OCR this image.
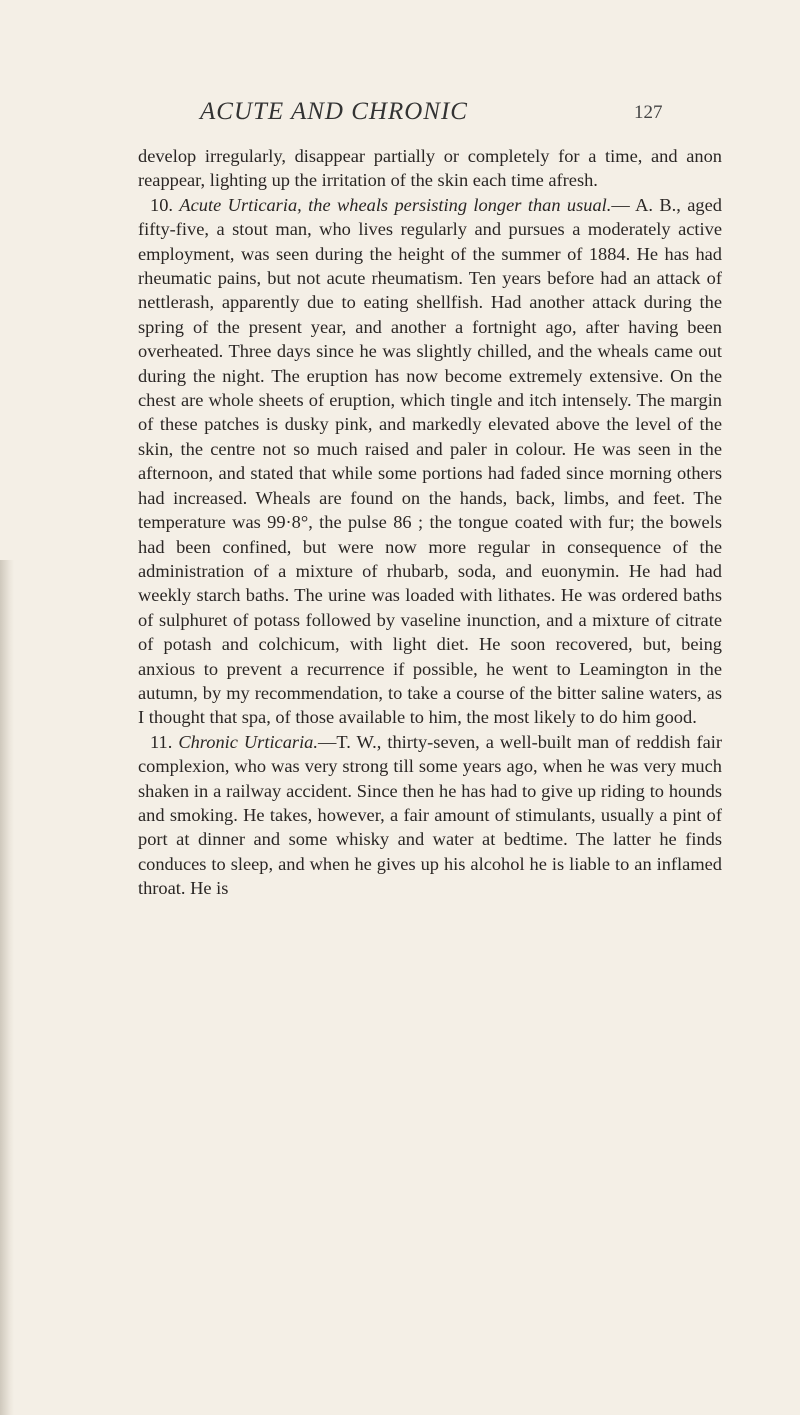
ACUTE AND CHRONIC	127

develop irregularly, disappear partially or completely for a time, and anon reappear, lighting up the irritation of the skin each time afresh.

10. Acute Urticaria, the wheals persisting longer than usual.— A. B., aged fifty-five, a stout man, who lives regularly and pursues a moderately active employment, was seen during the height of the summer of 1884. He has had rheumatic pains, but not acute rheumatism. Ten years before had an attack of nettlerash, apparently due to eating shellfish. Had another attack during the spring of the present year, and another a fortnight ago, after having been overheated. Three days since he was slightly chilled, and the wheals came out during the night. The eruption has now become extremely extensive. On the chest are whole sheets of eruption, which tingle and itch intensely. The margin of these patches is dusky pink, and markedly elevated above the level of the skin, the centre not so much raised and paler in colour. He was seen in the afternoon, and stated that while some portions had faded since morning others had increased. Wheals are found on the hands, back, limbs, and feet. The temperature was 99·8°, the pulse 86 ; the tongue coated with fur; the bowels had been confined, but were now more regular in consequence of the administration of a mixture of rhubarb, soda, and euonymin. He had had weekly starch baths. The urine was loaded with lithates. He was ordered baths of sulphuret of potass followed by vaseline inunction, and a mixture of citrate of potash and colchicum, with light diet. He soon recovered, but, being anxious to prevent a recurrence if possible, he went to Leamington in the autumn, by my recommendation, to take a course of the bitter saline waters, as I thought that spa, of those available to him, the most likely to do him good.

11. Chronic Urticaria.—T. W., thirty-seven, a well-built man of reddish fair complexion, who was very strong till some years ago, when he was very much shaken in a railway accident. Since then he has had to give up riding to hounds and smoking. He takes, however, a fair amount of stimulants, usually a pint of port at dinner and some whisky and water at bedtime. The latter he finds conduces to sleep, and when he gives up his alcohol he is liable to an inflamed throat. He is
